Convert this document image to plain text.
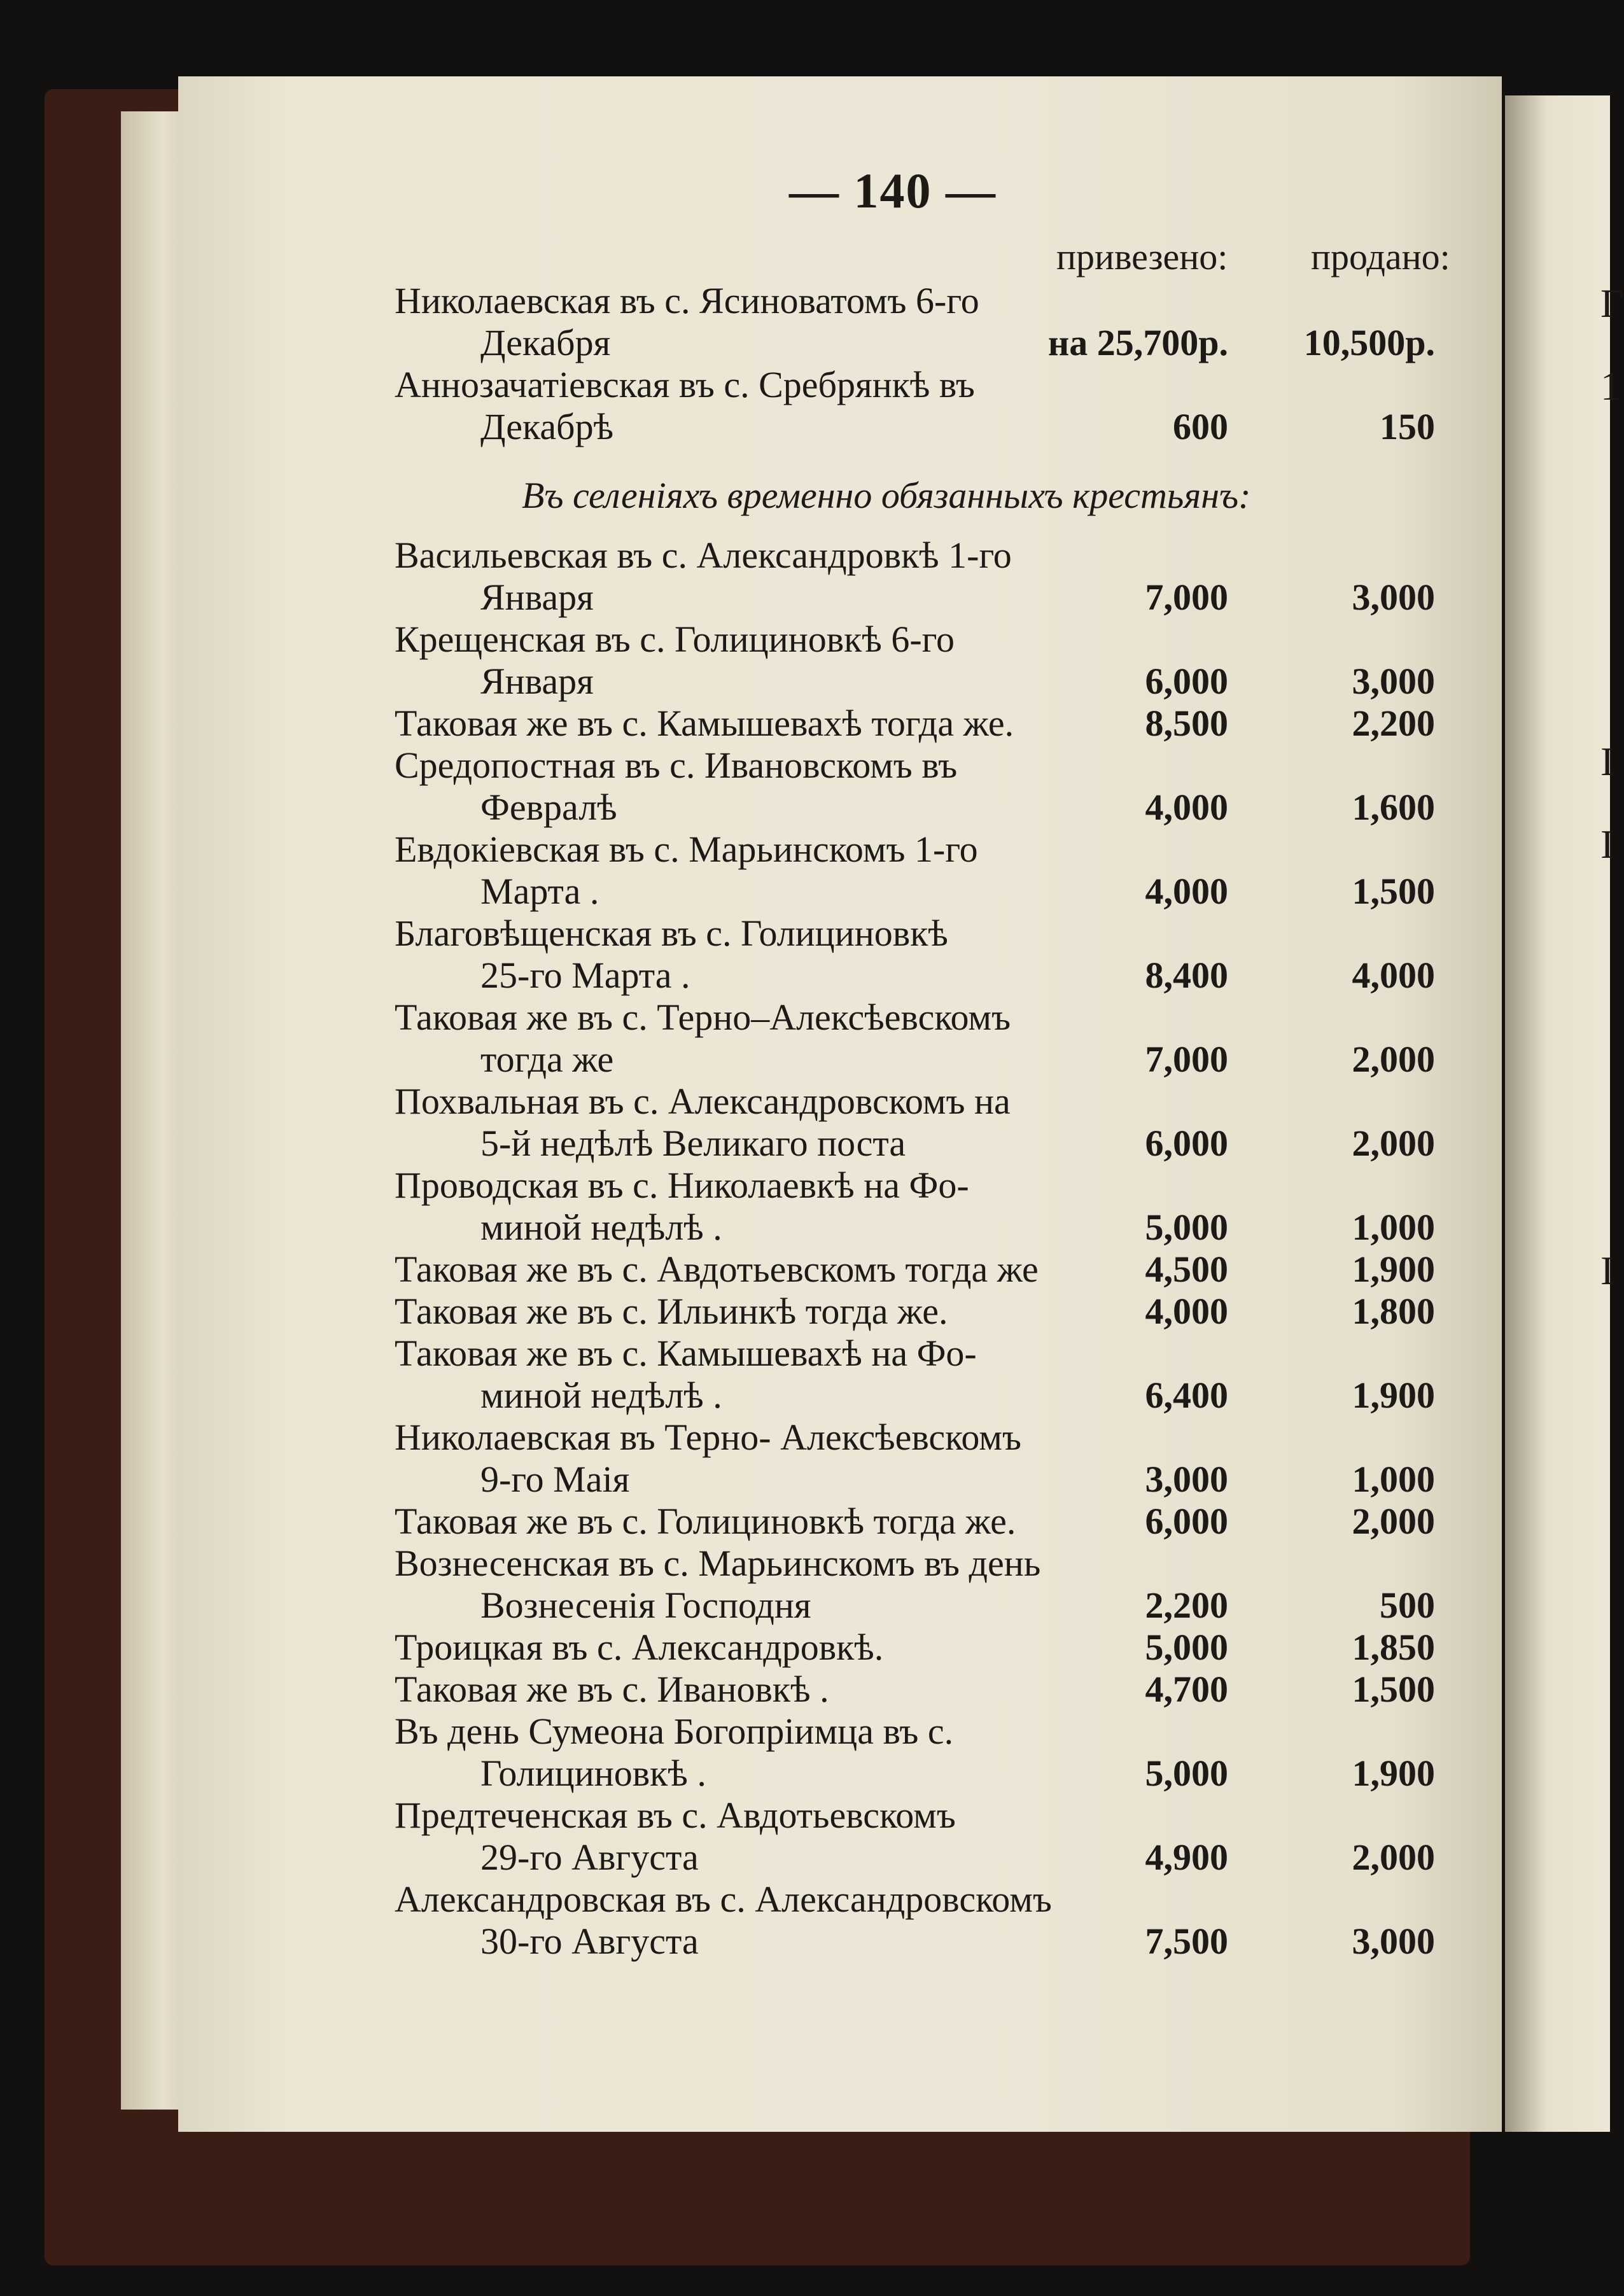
Г
1
I
I
I
— 140 —
привезено: продано:
Въ селеніяхъ временно обязанныхъ крестьянъ:
Николаевская въ с. Ясиноватомъ 6-го
Декабря	на 25,700р. 10,500р.
Аннозачатіевская въ с. Сребрянкѣ въ
Декабрѣ	600	150
Васильевская въ с. Александровкѣ 1-го
Января	7,000	3,000
Крещенская въ с. Голициновкѣ 6-го
Января	6,000	3,000
Таковая же въ с. Камышевахѣ тогда же.	8,500	2,200
Средопостная въ с. Ивановскомъ въ
Февралѣ	4,000	1,600
Евдокіевская въ с. Марьинскомъ 1-го
Марта .	4,000	1,500
Благовѣщенская въ с. Голициновкѣ
25-го Марта .	8,400	4,000
Таковая же въ с. Терно–Алексѣевскомъ
тогда же	7,000	2,000
Похвальная въ с. Александровскомъ на
5-й недѣлѣ Великаго поста	6,000	2,000
Проводская въ с. Николаевкѣ на Фо-
миной недѣлѣ .	5,000	1,000
Таковая же въ с. Авдотьевскомъ тогда же	4,500	1,900
Таковая же въ с. Ильинкѣ тогда же.	4,000	1,800
Таковая же въ с. Камышевахѣ на Фо-
миной недѣлѣ .	6,400	1,900
Николаевская въ Терно- Алексѣевскомъ
9-го Маія	3,000	1,000
Таковая же въ с. Голициновкѣ тогда же.	6,000	2,000
Вознесенская въ с. Марьинскомъ въ день
Вознесенія Господня	2,200	500
Троицкая въ с. Александровкѣ.	5,000	1,850
Таковая же въ с. Ивановкѣ .	4,700	1,500
Въ день Сумеона Богопріимца въ с.
Голициновкѣ .	5,000	1,900
Предтеченская въ с. Авдотьевскомъ
29-го Августа	4,900	2,000
Александровская въ с. Александровскомъ
30-го Августа	7,500	3,000
